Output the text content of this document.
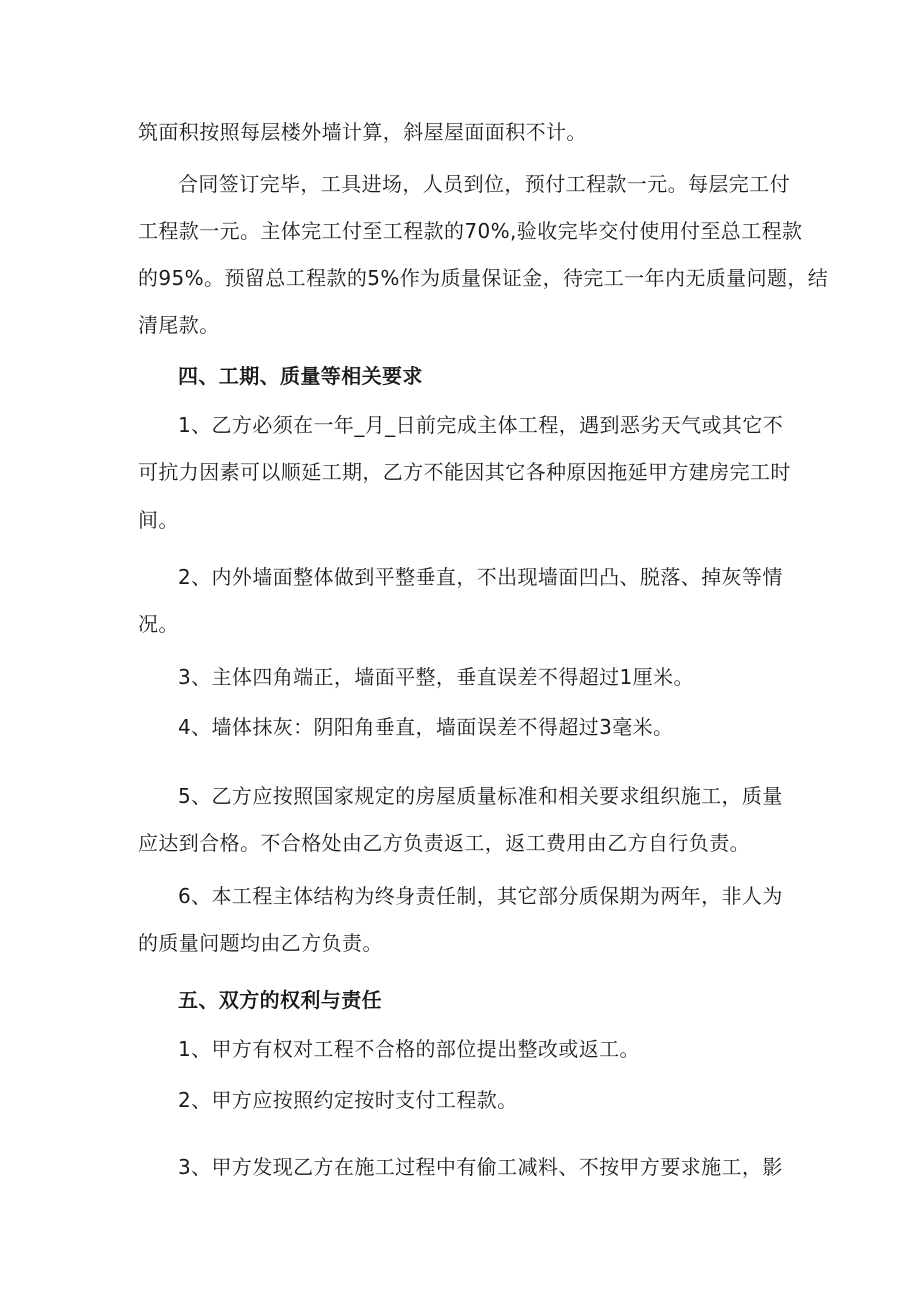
筑面积按照每层楼外墙计算，斜屋屋面面积不计。
合同签订完毕，工具进场，人员到位，预付工程款一元。每层完工付
工程款一元。主体完工付至工程款的70%,验收完毕交付使用付至总工程款
的95%。预留总工程款的5%作为质量保证金，待完工一年内无质量问题，结
清尾款。
四、工期、质量等相关要求
1、乙方必须在一年_月_日前完成主体工程，遇到恶劣天气或其它不
可抗力因素可以顺延工期，乙方不能因其它各种原因拖延甲方建房完工时
间。
2、内外墙面整体做到平整垂直，不出现墙面凹凸、脱落、掉灰等情
况。
3、主体四角端正，墙面平整，垂直误差不得超过1厘米。
4、墙体抹灰：阴阳角垂直，墙面误差不得超过3毫米。
5、乙方应按照国家规定的房屋质量标准和相关要求组织施工，质量
应达到合格。不合格处由乙方负责返工，返工费用由乙方自行负责。
6、本工程主体结构为终身责任制，其它部分质保期为两年，非人为
的质量问题均由乙方负责。
五、双方的权利与责任
1、甲方有权对工程不合格的部位提出整改或返工。
2、甲方应按照约定按时支付工程款。
3、甲方发现乙方在施工过程中有偷工减料、不按甲方要求施工，影
